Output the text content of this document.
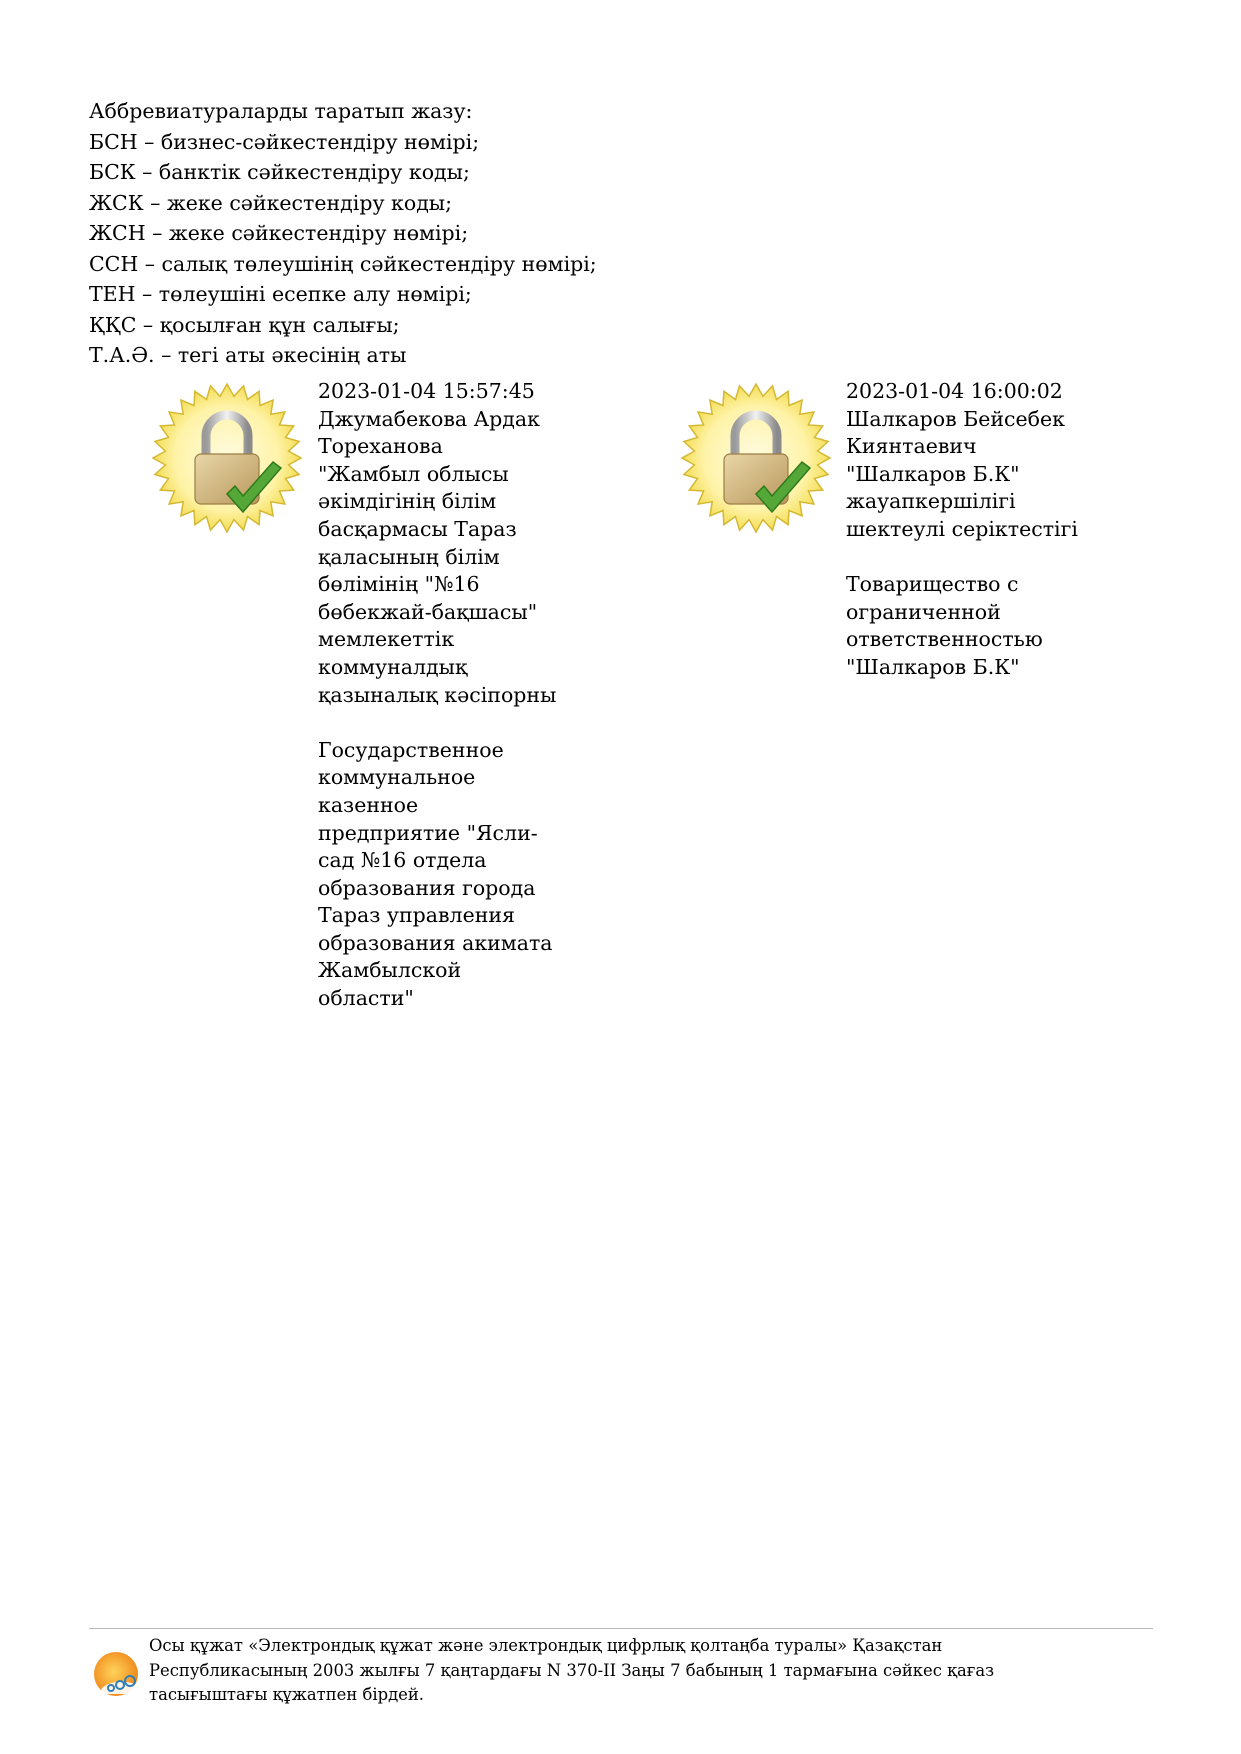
Аббревиатураларды таратып жазу:
БСН – бизнес-сәйкестендіру нөмірі;
БСК – банктік сәйкестендіру коды;
ЖСК – жеке сәйкестендіру коды;
ЖСН – жеке сәйкестендіру нөмірі;
ССН – салық төлеушінің сәйкестендіру нөмірі;
ТЕН – төлеушіні есепке алу нөмірі;
ҚҚС – қосылған құн салығы;
Т.А.Ә. – тегі аты әкесінің аты
2023-01-04 15:57:45
Джумабекова Ардак
Тореханова
"Жамбыл облысы
әкімдігінің білім
басқармасы Тараз
қаласының білім
бөлімінің "№16
бөбекжай-бақшасы"
мемлекеттік
коммуналдық
қазыналық кәсіпорны

Государственное
коммунальное
казенное
предприятие "Ясли-
сад №16 отдела
образования города
Тараз управления
образования акимата
Жамбылской
области"
2023-01-04 16:00:02
Шалкаров Бейсебек
Киянтаевич
"Шалкаров Б.К"
жауапкершілігі
шектеулі серіктестігі

Товарищество с
ограниченной
ответственностью
"Шалкаров Б.К"
Осы құжат «Электрондық құжат және электрондық цифрлық қолтаңба туралы» Қазақстан
Республикасының 2003 жылғы 7 қаңтардағы N 370-II Заңы 7 бабының 1 тармағына сәйкес қағаз
тасығыштағы құжатпен бірдей.
